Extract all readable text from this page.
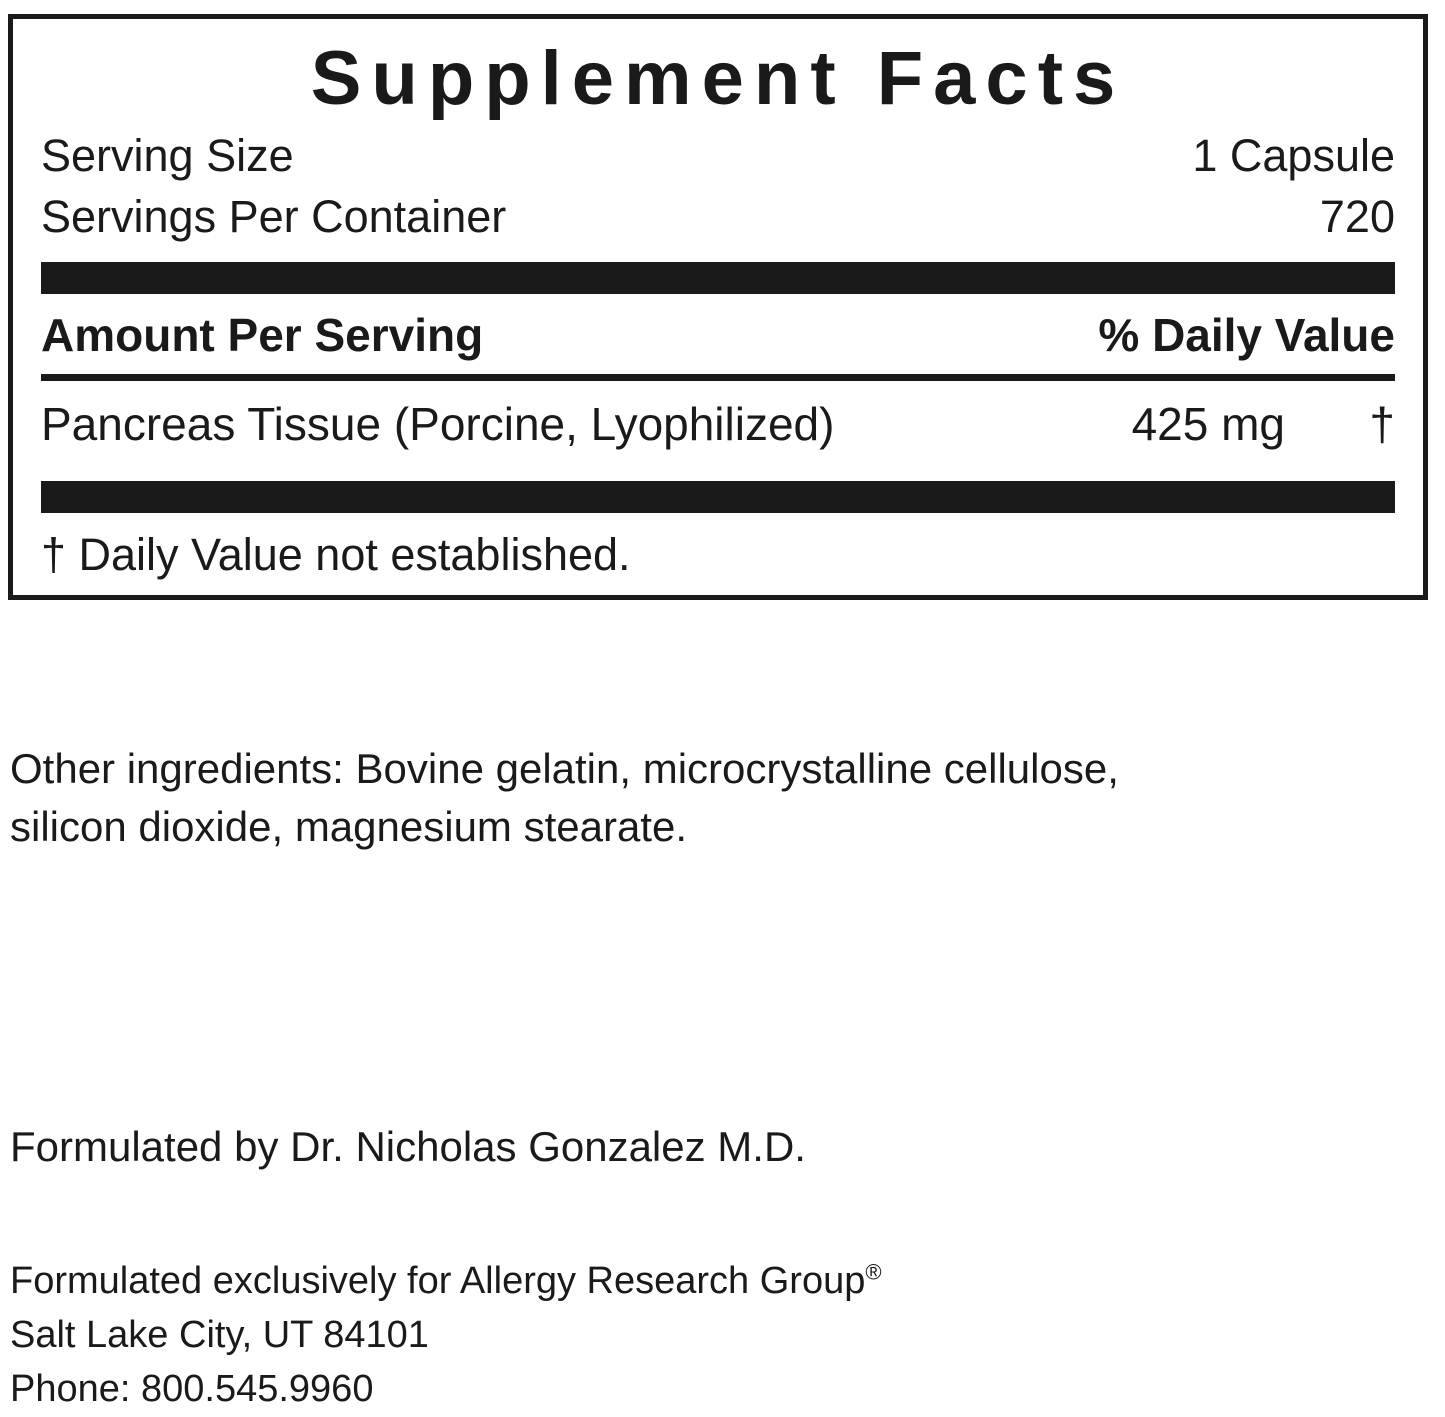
Supplement Facts
Serving Size	1 Capsule
Servings Per Container	720
Amount Per Serving	% Daily Value
Pancreas Tissue (Porcine, Lyophilized)	425 mg	†
† Daily Value not established.
Other ingredients: Bovine gelatin, microcrystalline cellulose,
silicon dioxide, magnesium stearate.
Formulated by Dr. Nicholas Gonzalez M.D.
Formulated exclusively for Allergy Research Group®
Salt Lake City, UT 84101
Phone: 800.545.9960
